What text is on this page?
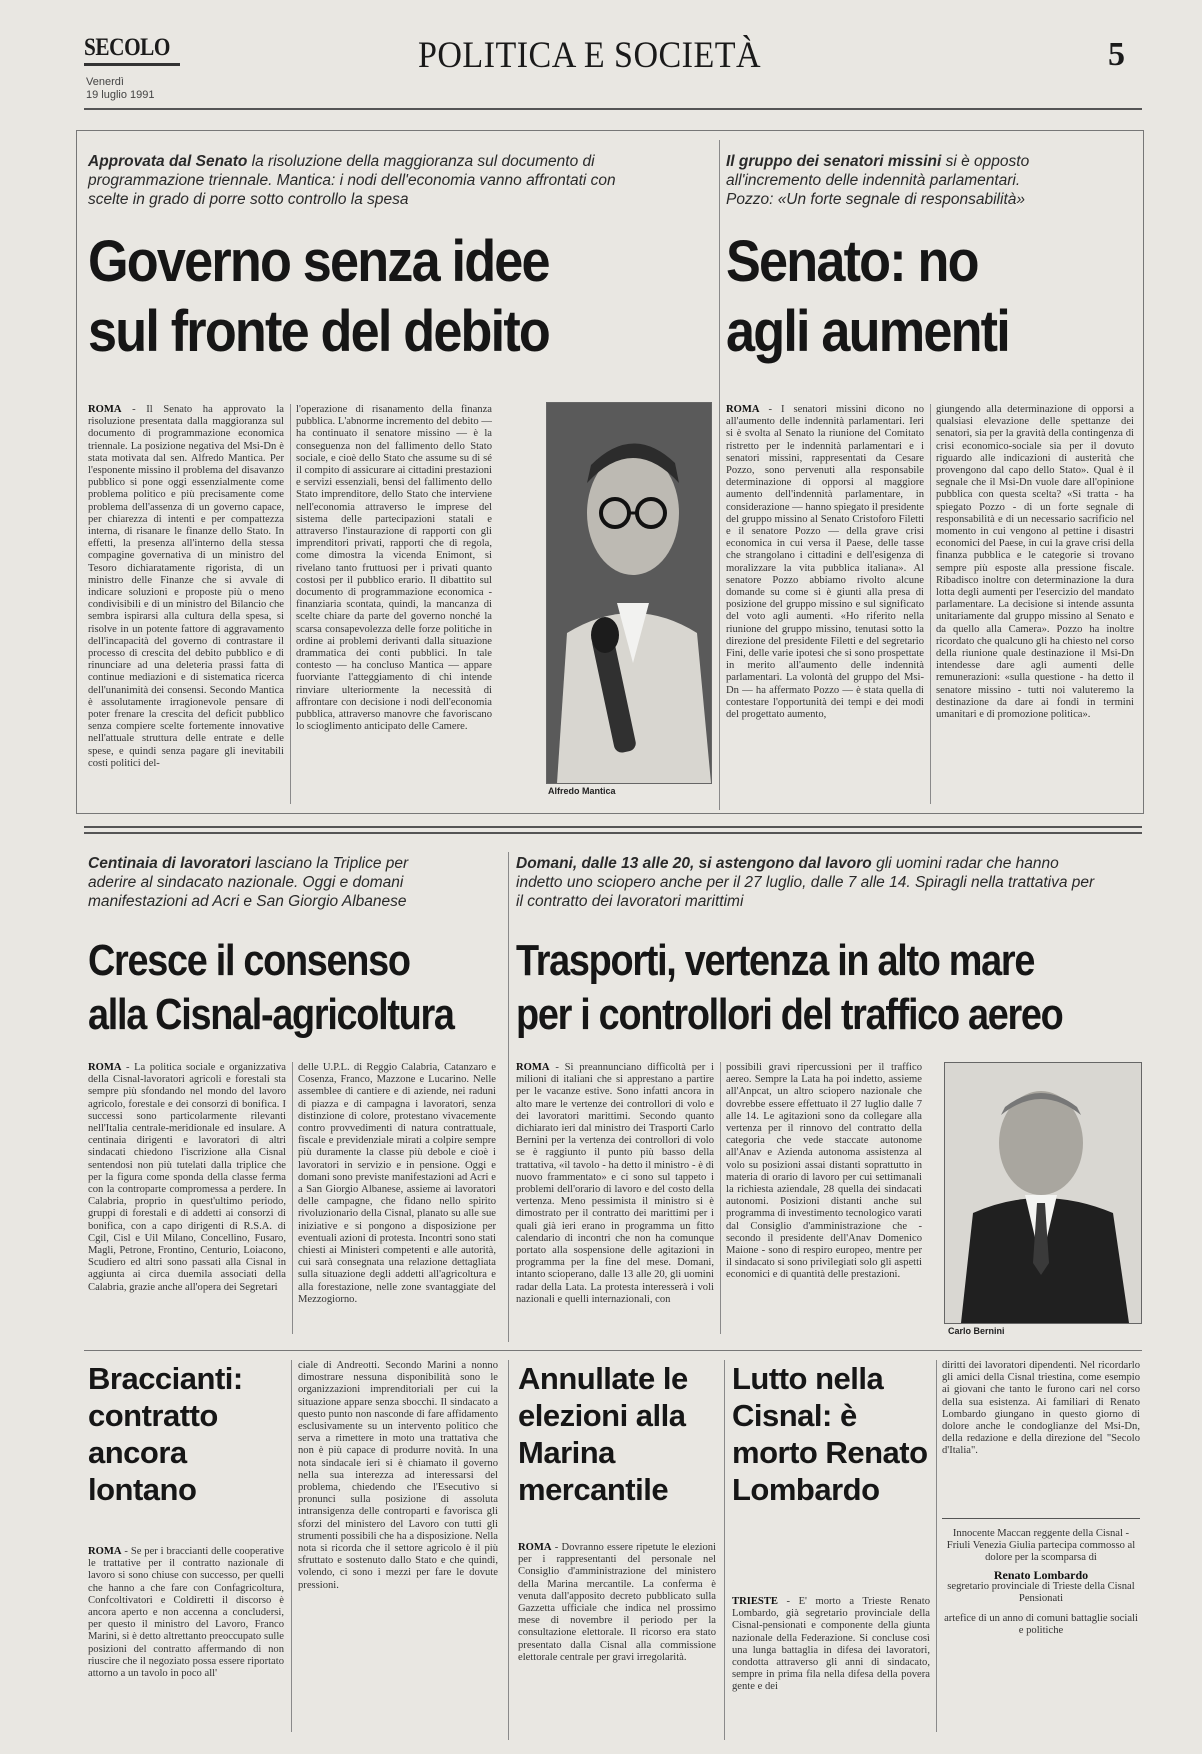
SECOLO
Venerdì
19 luglio 1991
POLITICA E SOCIETÀ	5
Approvata dal Senato la risoluzione della maggioranza sul documento di programmazione triennale. Mantica: i nodi dell'economia vanno affrontati con scelte in grado di porre sotto controllo la spesa
Governo senza idee
sul fronte del debito
ROMA - Il Senato ha approvato la risoluzione presentata dalla maggioranza sul documento di programmazione economica triennale. La posizione negativa del Msi-Dn è stata motivata dal sen. Alfredo Mantica. Per l'esponente missino il problema del disavanzo pubblico si pone oggi essenzialmente come problema politico e più precisamente come problema dell'assenza di un governo capace, per chiarezza di intenti e per compattezza interna, di risanare le finanze dello Stato. In effetti, la presenza all'interno della stessa compagine governativa di un ministro del Tesoro dichiaratamente rigorista, di un ministro delle Finanze che si avvale di indicare soluzioni e proposte più o meno condivisibili e di un ministro del Bilancio che sembra ispirarsi alla cultura della spesa, si risolve in un potente fattore di aggravamento dell'incapacità del governo di contrastare il processo di crescita del debito pubblico e di rinunciare ad una deleteria prassi fatta di continue mediazioni e di sistematica ricerca dell'unanimità dei consensi. Secondo Mantica è assolutamente irragionevole pensare di poter frenare la crescita del deficit pubblico senza compiere scelte fortemente innovative nell'attuale struttura delle entrate e delle spese, e quindi senza pagare gli inevitabili costi politici del-
l'operazione di risanamento della finanza pubblica. L'abnorme incremento del debito — ha continuato il senatore missino — è la conseguenza non del fallimento dello Stato sociale, e cioè dello Stato che assume su di sé il compito di assicurare ai cittadini prestazioni e servizi essenziali, bensì del fallimento dello Stato imprenditore, dello Stato che interviene nell'economia attraverso le imprese del sistema delle partecipazioni statali e attraverso l'instaurazione di rapporti con gli imprenditori privati, rapporti che di regola, come dimostra la vicenda Enimont, si rivelano tanto fruttuosi per i privati quanto costosi per il pubblico erario. Il dibattito sul documento di programmazione economica - finanziaria scontata, quindi, la mancanza di scelte chiare da parte del governo nonché la scarsa consapevolezza delle forze politiche in ordine ai problemi derivanti dalla situazione drammatica dei conti pubblici. In tale contesto — ha concluso Mantica — appare fuorviante l'atteggiamento di chi intende rinviare ulteriormente la necessità di affrontare con decisione i nodi dell'economia pubblica, attraverso manovre che favoriscano lo scioglimento anticipato delle Camere.
Alfredo Mantica
Il gruppo dei senatori missini si è opposto all'incremento delle indennità parlamentari. Pozzo: «Un forte segnale di responsabilità»
Senato: no
agli aumenti
ROMA - I senatori missini dicono no all'aumento delle indennità parlamentari. Ieri si è svolta al Senato la riunione del Comitato ristretto per le indennità parlamentari e i senatori missini, rappresentati da Cesare Pozzo, sono pervenuti alla responsabile determinazione di opporsi al maggiore aumento dell'indennità parlamentare, in considerazione — hanno spiegato il presidente del gruppo missino al Senato Cristoforo Filetti e il senatore Pozzo — della grave crisi economica in cui versa il Paese, delle tasse che strangolano i cittadini e dell'esigenza di moralizzare la vita pubblica italiana». Al senatore Pozzo abbiamo rivolto alcune domande su come si è giunti alla presa di posizione del gruppo missino e sul significato del voto agli aumenti. «Ho riferito nella riunione del gruppo missino, tenutasi sotto la direzione del presidente Filetti e del segretario Fini, delle varie ipotesi che si sono prospettate in merito all'aumento delle indennità parlamentari. La volontà del gruppo del Msi-Dn — ha affermato Pozzo — è stata quella di contestare l'opportunità dei tempi e dei modi del progettato aumento,
giungendo alla determinazione di opporsi a qualsiasi elevazione delle spettanze dei senatori, sia per la gravità della contingenza di crisi economico-sociale sia per il dovuto riguardo alle indicazioni di austerità che provengono dal capo dello Stato». Qual è il segnale che il Msi-Dn vuole dare all'opinione pubblica con questa scelta? «Si tratta - ha spiegato Pozzo - di un forte segnale di responsabilità e di un necessario sacrificio nel momento in cui vengono al pettine i disastri economici del Paese, in cui la grave crisi della finanza pubblica e le categorie si trovano sempre più esposte alla pressione fiscale. Ribadisco inoltre con determinazione la dura lotta degli aumenti per l'esercizio del mandato parlamentare. La decisione si intende assunta unitariamente dal gruppo missino al Senato e da quello alla Camera». Pozzo ha inoltre ricordato che qualcuno gli ha chiesto nel corso della riunione quale destinazione il Msi-Dn intendesse dare agli aumenti delle remunerazioni: «sulla questione - ha detto il senatore missino - tutti noi valuteremo la destinazione da dare ai fondi in termini umanitari e di promozione politica».
Centinaia di lavoratori lasciano la Triplice per aderire al sindacato nazionale. Oggi e domani manifestazioni ad Acri e San Giorgio Albanese
Cresce il consenso
alla Cisnal-agricoltura
ROMA - La politica sociale e organizzativa della Cisnal-lavoratori agricoli e forestali sta sempre più sfondando nel mondo del lavoro agricolo, forestale e dei consorzi di bonifica. I successi sono particolarmente rilevanti nell'Italia centrale-meridionale ed insulare. A centinaia dirigenti e lavoratori di altri sindacati chiedono l'iscrizione alla Cisnal sentendosi non più tutelati dalla triplice che per la figura come sponda della classe ferma con la controparte compromessa a perdere. In Calabria, proprio in quest'ultimo periodo, gruppi di forestali e di addetti ai consorzi di bonifica, con a capo dirigenti di R.S.A. di Cgil, Cisl e Uil Milano, Concellino, Fusaro, Magli, Petrone, Frontino, Centurio, Loiacono, Scudiero ed altri sono passati alla Cisnal in aggiunta ai circa duemila associati della Calabria, grazie anche all'opera dei Segretari
delle U.P.L. di Reggio Calabria, Catanzaro e Cosenza, Franco, Mazzone e Lucarino. Nelle assemblee di cantiere e di aziende, nei raduni di piazza e di campagna i lavoratori, senza distinzione di colore, protestano vivacemente contro provvedimenti di natura contrattuale, fiscale e previdenziale mirati a colpire sempre più duramente la classe più debole e cioè i lavoratori in servizio e in pensione. Oggi e domani sono previste manifestazioni ad Acri e a San Giorgio Albanese, assieme ai lavoratori delle campagne, che fidano nello spirito rivoluzionario della Cisnal, planato su alle sue iniziative e si pongono a disposizione per eventuali azioni di protesta. Incontri sono stati chiesti ai Ministeri competenti e alle autorità, cui sarà consegnata una relazione dettagliata sulla situazione degli addetti all'agricoltura e alla forestazione, nelle zone svantaggiate del Mezzogiorno.
Domani, dalle 13 alle 20, si astengono dal lavoro gli uomini radar che hanno indetto uno sciopero anche per il 27 luglio, dalle 7 alle 14. Spiragli nella trattativa per il contratto dei lavoratori marittimi
Trasporti, vertenza in alto mare
per i controllori del traffico aereo
ROMA - Si preannunciano difficoltà per i milioni di italiani che si apprestano a partire per le vacanze estive. Sono infatti ancora in alto mare le vertenze dei controllori di volo e dei lavoratori marittimi. Secondo quanto dichiarato ieri dal ministro dei Trasporti Carlo Bernini per la vertenza dei controllori di volo se è raggiunto il punto più basso della trattativa, «il tavolo - ha detto il ministro - è di nuovo frammentato» e ci sono sul tappeto i problemi dell'orario di lavoro e del costo della vertenza. Meno pessimista il ministro si è dimostrato per il contratto dei marittimi per i quali già ieri erano in programma un fitto calendario di incontri che non ha comunque portato alla sospensione delle agitazioni in programma per la fine del mese. Domani, intanto scioperano, dalle 13 alle 20, gli uomini radar della Lata. La protesta interesserà i voli nazionali e quelli internazionali, con
possibili gravi ripercussioni per il traffico aereo. Sempre la Lata ha poi indetto, assieme all'Anpcat, un altro sciopero nazionale che dovrebbe essere effettuato il 27 luglio dalle 7 alle 14. Le agitazioni sono da collegare alla vertenza per il rinnovo del contratto della categoria che vede staccate autonome all'Anav e Azienda autonoma assistenza al volo su posizioni assai distanti soprattutto in materia di orario di lavoro per cui settimanali la richiesta aziendale, 28 quella dei sindacati autonomi. Posizioni distanti anche sul programma di investimento tecnologico varati dal Consiglio d'amministrazione che - secondo il presidente dell'Anav Domenico Maione - sono di respiro europeo, mentre per il sindacato si sono privilegiati solo gli aspetti economici e di quantità delle prestazioni.
Carlo Bernini
Braccianti: contratto ancora lontano
ROMA - Se per i braccianti delle cooperative le trattative per il contratto nazionale di lavoro si sono chiuse con successo, per quelli che hanno a che fare con Confagricoltura, Confcoltivatori e Coldiretti il discorso è ancora aperto e non accenna a concludersi, per questo il ministro del Lavoro, Franco Marini, si è detto altrettanto preoccupato sulle posizioni del contratto affermando di non riuscire che il negoziato possa essere riportato attorno a un tavolo in poco all'
ciale di Andreotti. Secondo Marini a nonno dimostrare nessuna disponibilità sono le organizzazioni imprenditoriali per cui la situazione appare senza sbocchi. Il sindacato a questo punto non nasconde di fare affidamento esclusivamente su un intervento politico che serva a rimettere in moto una trattativa che non è più capace di produrre novità. In una nota sindacale ieri si è chiamato il governo nella sua interezza ad interessarsi del problema, chiedendo che l'Esecutivo si pronunci sulla posizione di assoluta intransigenza delle controparti e favorisca gli sforzi del ministero del Lavoro con tutti gli strumenti possibili che ha a disposizione. Nella nota si ricorda che il settore agricolo è il più sfruttato e sostenuto dallo Stato e che quindi, volendo, ci sono i mezzi per fare le dovute pressioni.
Annullate le elezioni alla Marina mercantile
ROMA - Dovranno essere ripetute le elezioni per i rappresentanti del personale nel Consiglio d'amministrazione del ministero della Marina mercantile. La conferma è venuta dall'apposito decreto pubblicato sulla Gazzetta ufficiale che indica nel prossimo mese di novembre il periodo per la consultazione elettorale. Il ricorso era stato presentato dalla Cisnal alla commissione elettorale centrale per gravi irregolarità.
Lutto nella Cisnal: è morto Renato Lombardo
TRIESTE - E' morto a Trieste Renato Lombardo, già segretario provinciale della Cisnal-pensionati e componente della giunta nazionale della Federazione. Si concluse così una lunga battaglia in difesa dei lavoratori, condotta attraverso gli anni di sindacato, sempre in prima fila nella difesa della povera gente e dei
diritti dei lavoratori dipendenti. Nel ricordarlo gli amici della Cisnal triestina, come esempio ai giovani che tanto le furono cari nel corso della sua esistenza. Ai familiari di Renato Lombardo giungano in questo giorno di dolore anche le condoglianze del Msi-Dn, della redazione e della direzione del "Secolo d'Italia".
Innocente Maccan reggente della Cisnal - Friuli Venezia Giulia partecipa commosso al dolore per la scomparsa di
Renato Lombardo
segretario provinciale di Trieste della Cisnal Pensionati
artefice di un anno di comuni battaglie sociali e politiche
